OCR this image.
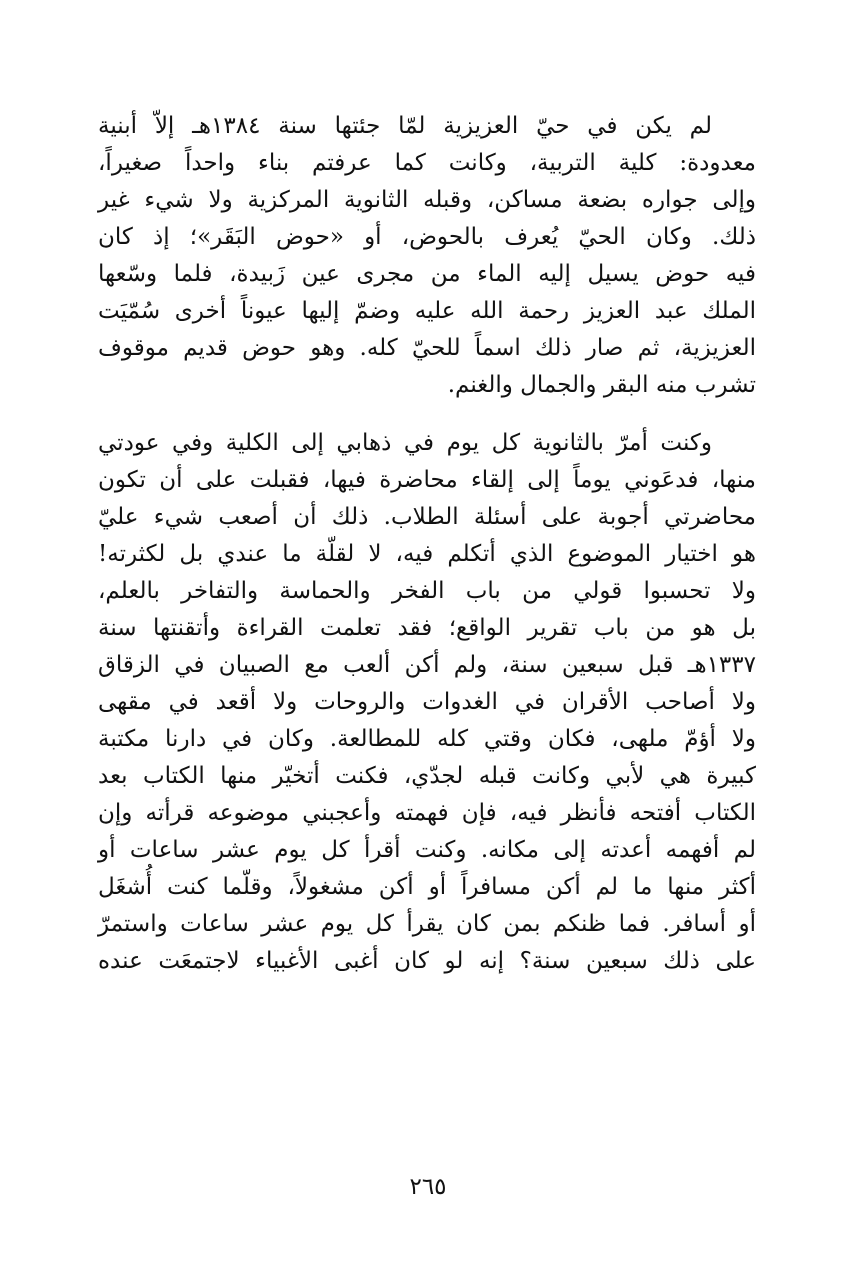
لم يكن في حيّ العزيزية لمّا جئتها سنة ١٣٨٤هـ إلاّ أبنية
معدودة: كلية التربية، وكانت كما عرفتم بناء واحداً صغيراً،
وإلى جواره بضعة مساكن، وقبله الثانوية المركزية ولا شيء غير
ذلك. وكان الحيّ يُعرف بالحوض، أو «حوض البَقَر»؛ إذ كان
فيه حوض يسيل إليه الماء من مجرى عين زَبيدة، فلما وسّعها
الملك عبد العزيز رحمة الله عليه وضمّ إليها عيوناً أخرى سُمّيَت
العزيزية، ثم صار ذلك اسماً للحيّ كله. وهو حوض قديم موقوف
تشرب منه البقر والجمال والغنم.
وكنت أمرّ بالثانوية كل يوم في ذهابي إلى الكلية وفي عودتي
منها، فدعَوني يوماً إلى إلقاء محاضرة فيها، فقبلت على أن تكون
محاضرتي أجوبة على أسئلة الطلاب. ذلك أن أصعب شيء عليّ
هو اختيار الموضوع الذي أتكلم فيه، لا لقلّة ما عندي بل لكثرته!
ولا تحسبوا قولي من باب الفخر والحماسة والتفاخر بالعلم،
بل هو من باب تقرير الواقع؛ فقد تعلمت القراءة وأتقنتها سنة
١٣٣٧هـ قبل سبعين سنة، ولم أكن ألعب مع الصبيان في الزقاق
ولا أصاحب الأقران في الغدوات والروحات ولا أقعد في مقهى
ولا أؤمّ ملهى، فكان وقتي كله للمطالعة. وكان في دارنا مكتبة
كبيرة هي لأبي وكانت قبله لجدّي، فكنت أتخيّر منها الكتاب بعد
الكتاب أفتحه فأنظر فيه، فإن فهمته وأعجبني موضوعه قرأته وإن
لم أفهمه أعدته إلى مكانه. وكنت أقرأ كل يوم عشر ساعات أو
أكثر منها ما لم أكن مسافراً أو أكن مشغولاً، وقلّما كنت أُشغَل
أو أسافر. فما ظنكم بمن كان يقرأ كل يوم عشر ساعات واستمرّ
على ذلك سبعين سنة؟ إنه لو كان أغبى الأغبياء لاجتمعَت عنده
٢٦٥
